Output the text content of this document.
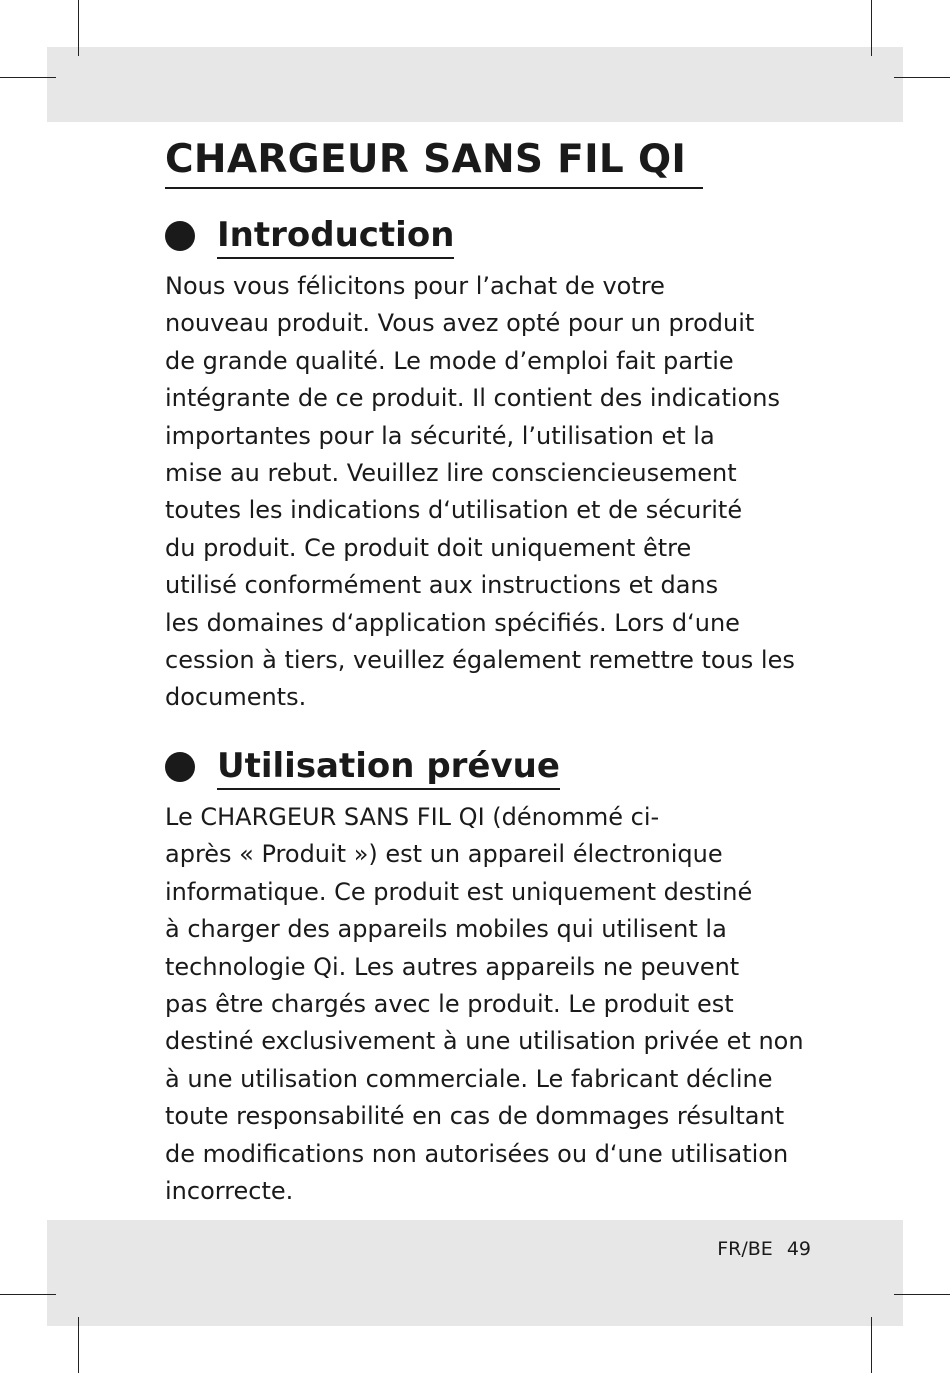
CHARGEUR SANS FIL QI
Introduction

Nous vous félicitons pour l’achat de votre
nouveau produit. Vous avez opté pour un produit
de grande qualité. Le mode d’emploi fait partie
intégrante de ce produit. Il contient des indications
importantes pour la sécurité, l’utilisation et la
mise au rebut. Veuillez lire consciencieusement
toutes les indications d‘utilisation et de sécurité
du produit. Ce produit doit uniquement être
utilisé conformément aux instructions et dans
les domaines d‘application spécifiés. Lors d‘une
cession à tiers, veuillez également remettre tous les
documents.

Utilisation prévue

Le CHARGEUR SANS FIL QI (dénommé ci-
après « Produit ») est un appareil électronique
informatique. Ce produit est uniquement destiné
à charger des appareils mobiles qui utilisent la
technologie Qi. Les autres appareils ne peuvent
pas être chargés avec le produit. Le produit est
destiné exclusivement à une utilisation privée et non
à une utilisation commerciale. Le fabricant décline
toute responsabilité en cas de dommages résultant
de modifications non autorisées ou d‘une utilisation
incorrecte.

FR/BE 49
